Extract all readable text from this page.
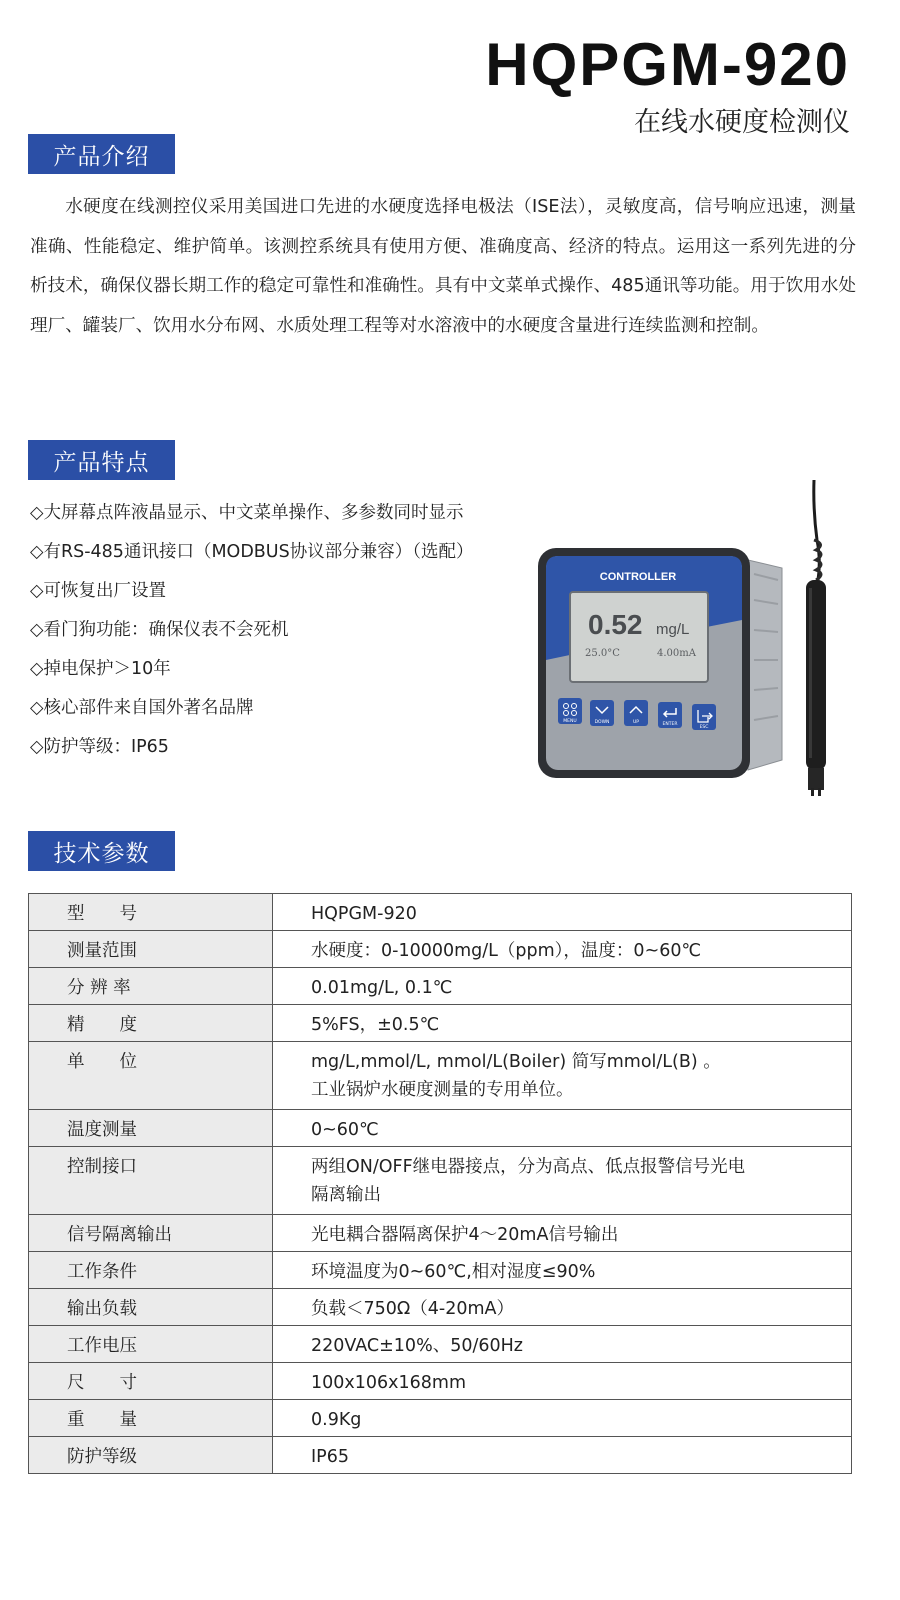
HQPGM-920
在线水硬度检测仪
产品介绍

水硬度在线测控仪采用美国进口先进的水硬度选择电极法（ISE法），灵敏度高，信号响应迅速，测量准确、性能稳定、维护简单。该测控系统具有使用方便、准确度高、经济的特点。运用这一系列先进的分析技术，确保仪器长期工作的稳定可靠性和准确性。具有中文菜单式操作、485通讯等功能。用于饮用水处理厂、罐装厂、饮用水分布网、水质处理工程等对水溶液中的水硬度含量进行连续监测和控制。

产品特点
◇大屏幕点阵液晶显示、中文菜单操作、多参数同时显示
◇有RS-485通讯接口（MODBUS协议部分兼容）（选配）
◇可恢复出厂设置
◇看门狗功能：确保仪表不会死机
◇掉电保护＞10年
◇核心部件来自国外著名品牌
◇防护等级：IP65
CONTROLLER
0.52 mg/L
25.0°C	4.00mA
MENU	DOWN	UP	ENTER
ESC
技术参数
型　　号	HQPGM-920
测量范围	水硬度：0-10000mg/L（ppm），温度：0~60℃
分 辨 率	0.01mg/L, 0.1℃
精　　度	5%FS，±0.5℃
单　　位	mg/L,mmol/L, mmol/L(Boiler) 简写mmol/L(B) 。
工业锅炉水硬度测量的专用单位。

温度测量	0~60℃
控制接口	两组ON/OFF继电器接点，分为高点、低点报警信号光电
隔离输出

信号隔离输出	光电耦合器隔离保护4～20mA信号输出
工作条件	环境温度为0~60℃,相对湿度≤90%
输出负载	负载＜750Ω（4-20mA）
工作电压	220VAC±10%、50/60Hz
尺　　寸	100x106x168mm
重　　量	0.9Kg
防护等级	IP65
